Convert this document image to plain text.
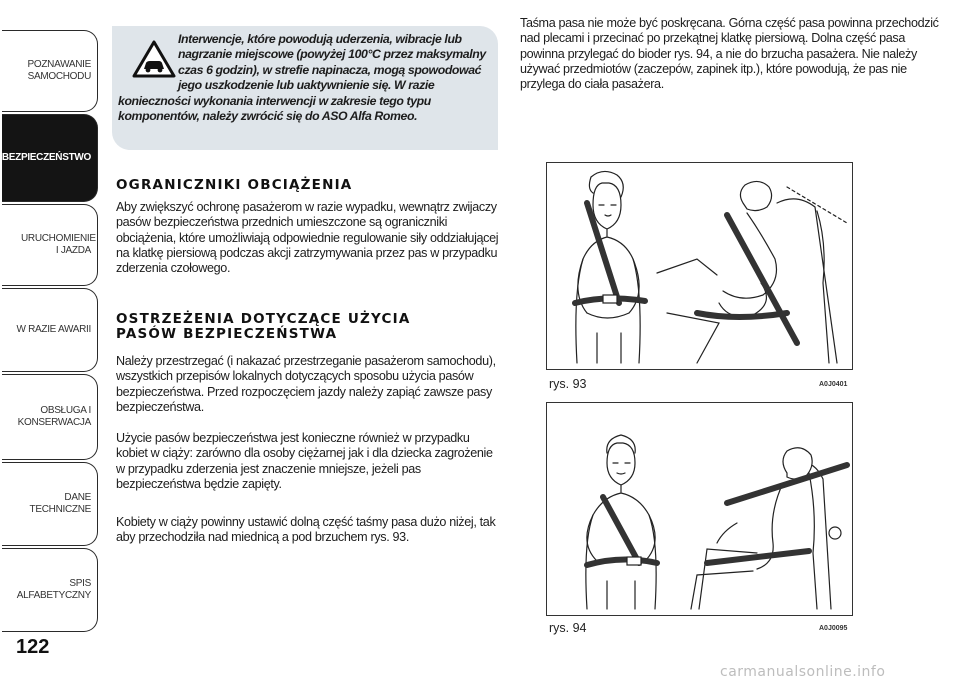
POZNAWANIE SAMOCHODU
BEZPIECZEŃSTWO
URUCHOMIENIE I JAZDA
W RAZIE AWARII
OBSŁUGA I KONSERWACJA
DANE TECHNICZNE
SPIS ALFABETYCZNY
122
Interwencje, które powodują uderzenia, wibracje lub nagrzanie miejscowe (powyżej 100°C przez maksymalny czas 6 godzin), w strefie napinacza, mogą spowodować jego uszkodzenie lub uaktywnienie się. W razie konieczności wykonania interwencji w zakresie tego typu komponentów, należy zwrócić się do ASO Alfa Romeo.
OGRANICZNIKI OBCIĄŻENIA
Aby zwiększyć ochronę pasażerom w razie wypadku, wewnątrz zwijaczy pasów bezpieczeństwa przednich umieszczone są ograniczniki obciążenia, które umożliwiają odpowiednie regulowanie siły oddziałującej na klatkę piersiową podczas akcji zatrzymywania przez pas w przypadku zderzenia czołowego.
OSTRZEŻENIA DOTYCZĄCE UŻYCIA PASÓW BEZPIECZEŃSTWA
Należy przestrzegać (i nakazać przestrzeganie pasażerom samochodu), wszystkich przepisów lokalnych dotyczących sposobu użycia pasów bezpieczeństwa. Przed rozpoczęciem jazdy należy zapiąć zawsze pasy bezpieczeństwa.
Użycie pasów bezpieczeństwa jest konieczne również w przypadku kobiet w ciąży: zarówno dla osoby ciężarnej jak i dla dziecka zagrożenie w przypadku zderzenia jest znaczenie mniejsze, jeżeli pas bezpieczeństwa będzie zapięty.
Kobiety w ciąży powinny ustawić dolną część taśmy pasa dużo niżej, tak aby przechodziła nad miednicą a pod brzuchem rys. 93.
Taśma pasa nie może być poskręcana. Górna część pasa powinna przechodzić nad plecami i przecinać po przekątnej klatkę piersiową. Dolna część pasa powinna przylegać do bioder rys. 94, a nie do brzucha pasażera. Nie należy używać przedmiotów (zaczepów, zapinek itp.), które powodują, że pas nie przylega do ciała pasażera.
rys. 93	A0J0401
rys. 94	A0J0095
carmanualsonline.info
